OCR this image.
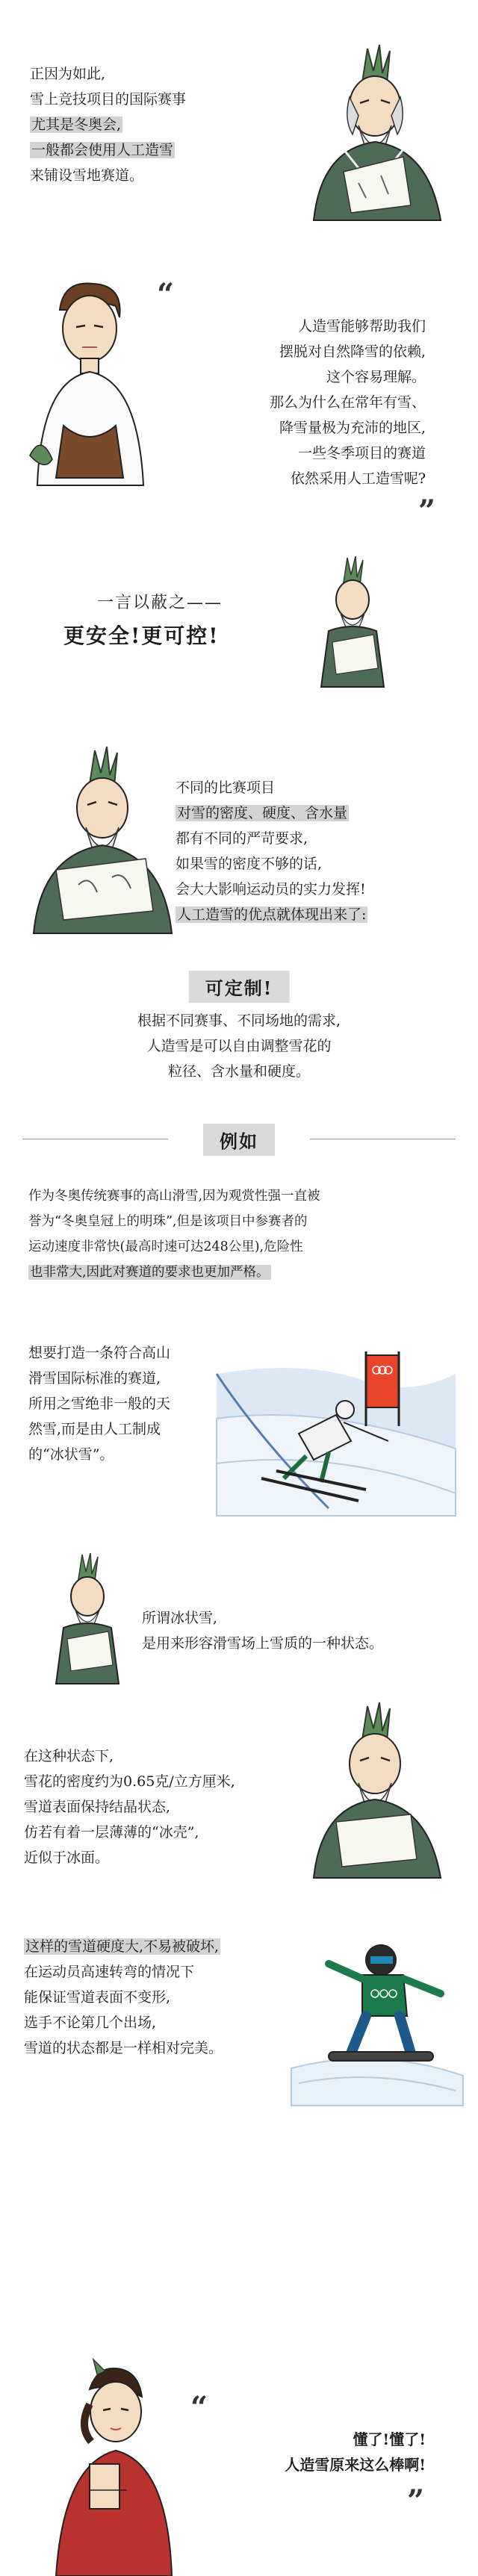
正因为如此,
雪上竞技项目的国际赛事
尤其是冬奥会,
一般都会使用人工造雪
来铺设雪地赛道。
“
人造雪能够帮助我们
摆脱对自然降雪的依赖,
这个容易理解。
那么为什么在常年有雪、
降雪量极为充沛的地区,
一些冬季项目的赛道
依然采用人工造雪呢?
”
一言以蔽之——
更安全!更可控!
不同的比赛项目
对雪的密度、硬度、含水量
都有不同的严苛要求,
如果雪的密度不够的话,
会大大影响运动员的实力发挥!
人工造雪的优点就体现出来了:
可定制!
根据不同赛事、不同场地的需求,
人造雪是可以自由调整雪花的
粒径、含水量和硬度。
例如
作为冬奥传统赛事的高山滑雪,因为观赏性强一直被
誉为“冬奥皇冠上的明珠”,但是该项目中参赛者的
运动速度非常快(最高时速可达248公里),危险性
也非常大,因此对赛道的要求也更加严格。
想要打造一条符合高山
滑雪国际标准的赛道,
所用之雪绝非一般的天
然雪,而是由人工制成
的“冰状雪”。
所谓冰状雪,
是用来形容滑雪场上雪质的一种状态。
在这种状态下,
雪花的密度约为0.65克/立方厘米,
雪道表面保持结晶状态,
仿若有着一层薄薄的“冰壳”,
近似于冰面。
这样的雪道硬度大,不易被破坏,
在运动员高速转弯的情况下
能保证雪道表面不变形,
选手不论第几个出场,
雪道的状态都是一样相对完美。
“
懂了!懂了!
人造雪原来这么棒啊!
”
